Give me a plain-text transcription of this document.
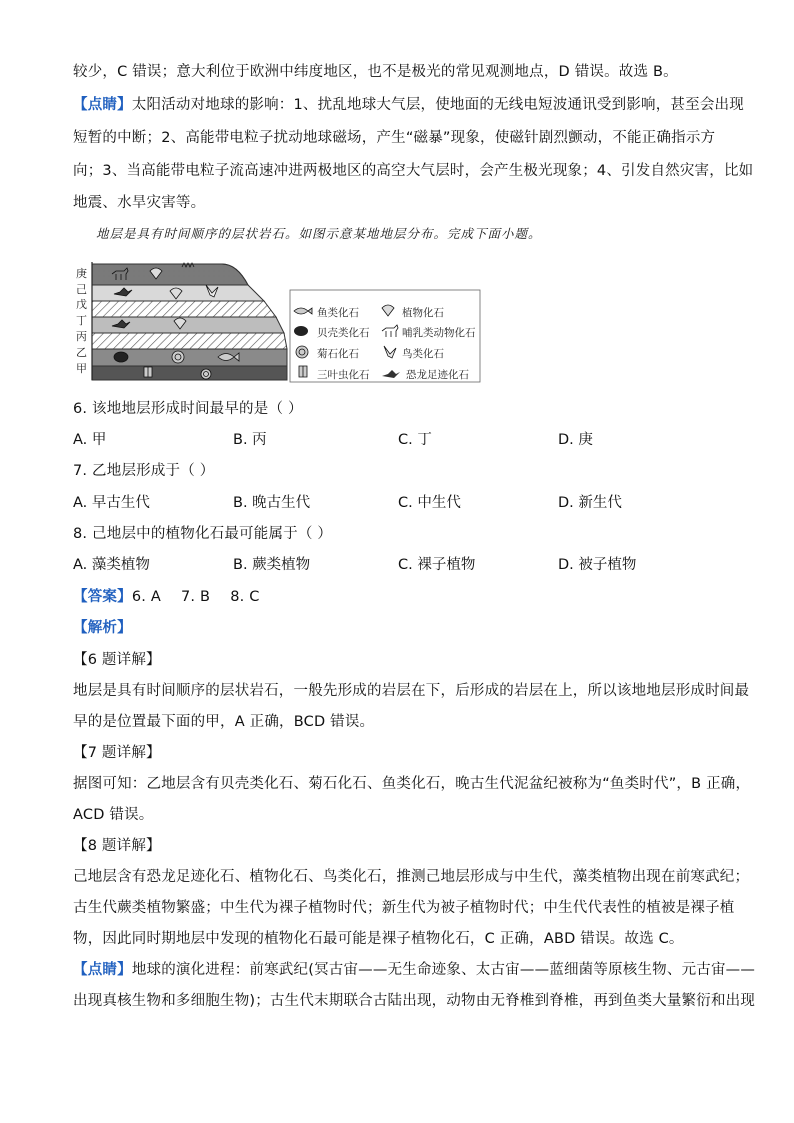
较少，C 错误；意大利位于欧洲中纬度地区，也不是极光的常见观测地点，D 错误。故选 B。
【点睛】太阳活动对地球的影响：1、扰乱地球大气层，使地面的无线电短波通讯受到影响，甚至会出现
短暂的中断；2、高能带电粒子扰动地球磁场，产生“磁暴”现象，使磁针剧烈颤动，不能正确指示方
向；3、当高能带电粒子流高速冲进两极地区的高空大气层时，会产生极光现象；4、引发自然灾害，比如
地震、水旱灾害等。
地层是具有时间顺序的层状岩石。如图示意某地地层分布。完成下面小题。
庚
己
戊
丁
丙
乙
甲
鱼类化石	植物化石
贝壳类化石	哺乳类动物化石
菊石化石	鸟类化石
三叶虫化石	恐龙足迹化石
6. 该地地层形成时间最早的是（ ）
A. 甲	B. 丙	C. 丁	D. 庚
7. 乙地层形成于（ ）
A. 早古生代	B. 晚古生代	C. 中生代	D. 新生代
8. 己地层中的植物化石最可能属于（ ）
A. 藻类植物	B. 蕨类植物	C. 裸子植物	D. 被子植物
【答案】6. A 7. B 8. C
【解析】
【6 题详解】
地层是具有时间顺序的层状岩石，一般先形成的岩层在下，后形成的岩层在上，所以该地地层形成时间最
早的是位置最下面的甲，A 正确，BCD 错误。
【7 题详解】
据图可知：乙地层含有贝壳类化石、菊石化石、鱼类化石，晚古生代泥盆纪被称为“鱼类时代”，B 正确，
ACD 错误。
【8 题详解】
己地层含有恐龙足迹化石、植物化石、鸟类化石，推测己地层形成与中生代，藻类植物出现在前寒武纪；
古生代蕨类植物繁盛；中生代为裸子植物时代；新生代为被子植物时代；中生代代表性的植被是裸子植
物，因此同时期地层中发现的植物化石最可能是裸子植物化石，C 正确，ABD 错误。故选 C。
【点睛】地球的演化进程：前寒武纪(冥古宙——无生命迹象、太古宙——蓝细菌等原核生物、元古宙——
出现真核生物和多细胞生物)；古生代末期联合古陆出现，动物由无脊椎到脊椎，再到鱼类大量繁衍和出现
